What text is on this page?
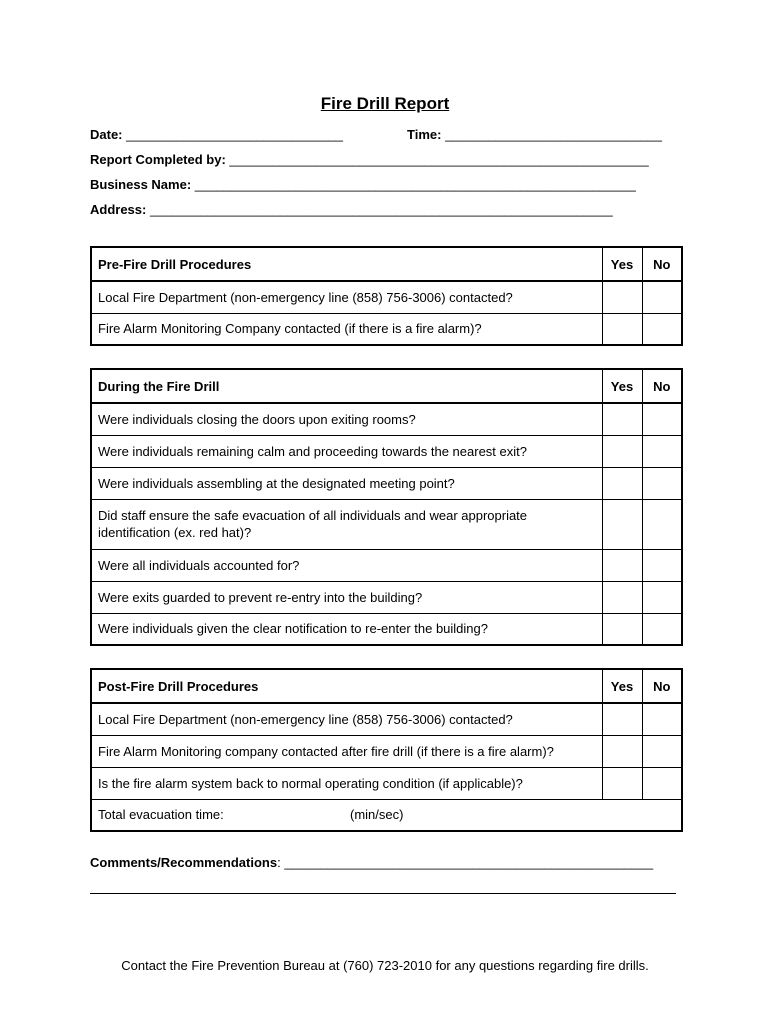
Fire Drill Report
Date: ______________________________	Time: ______________________________
Report Completed by: __________________________________________________________
Business Name: _____________________________________________________________
Address: ________________________________________________________________
Pre-Fire Drill Procedures	Yes	No
Local Fire Department (non-emergency line (858) 756-3006) contacted?		
Fire Alarm Monitoring Company contacted (if there is a fire alarm)?		
During the Fire Drill	Yes	No
Were individuals closing the doors upon exiting rooms?		
Were individuals remaining calm and proceeding towards the nearest exit?		
Were individuals assembling at the designated meeting point?		
Did staff ensure the safe evacuation of all individuals and wear appropriate identification (ex. red hat)?		
Were all individuals accounted for?		
Were exits guarded to prevent re-entry into the building?		
Were individuals given the clear notification to re-enter the building?		
Post-Fire Drill Procedures	Yes	No
Local Fire Department (non-emergency line (858) 756-3006) contacted?		
Fire Alarm Monitoring company contacted after fire drill (if there is a fire alarm)?		
Is the fire alarm system back to normal operating condition (if applicable)?		
Total evacuation time: (min/sec)		
Comments/Recommendations: ___________________________________________________
Contact the Fire Prevention Bureau at (760) 723-2010 for any questions regarding fire drills.
